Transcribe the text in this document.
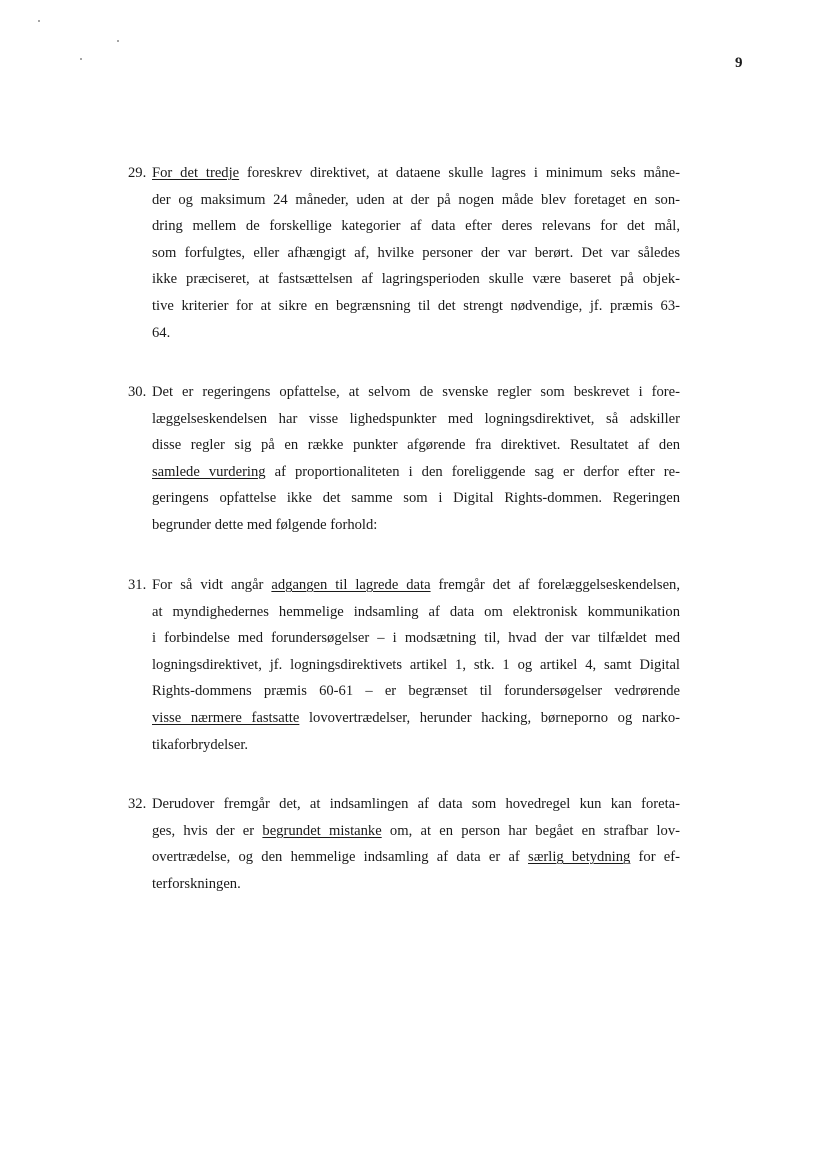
9
29. For det tredje foreskrev direktivet, at dataene skulle lagres i minimum seks måne-
der og maksimum 24 måneder, uden at der på nogen måde blev foretaget en son-
dring mellem de forskellige kategorier af data efter deres relevans for det mål,
som forfulgtes, eller afhængigt af, hvilke personer der var berørt. Det var således
ikke præciseret, at fastsættelsen af lagringsperioden skulle være baseret på objek-
tive kriterier for at sikre en begrænsning til det strengt nødvendige, jf. præmis 63-
64.
30. Det er regeringens opfattelse, at selvom de svenske regler som beskrevet i fore-
læggelseskendelsen har visse lighedspunkter med logningsdirektivet, så adskiller
disse regler sig på en række punkter afgørende fra direktivet. Resultatet af den
samlede vurdering af proportionaliteten i den foreliggende sag er derfor efter re-
geringens opfattelse ikke det samme som i Digital Rights-dommen. Regeringen
begrunder dette med følgende forhold:
31. For så vidt angår adgangen til lagrede data fremgår det af forelæggelseskendelsen,
at myndighedernes hemmelige indsamling af data om elektronisk kommunikation
i forbindelse med forundersøgelser – i modsætning til, hvad der var tilfældet med
logningsdirektivet, jf. logningsdirektivets artikel 1, stk. 1 og artikel 4, samt Digital
Rights-dommens præmis 60-61 – er begrænset til forundersøgelser vedrørende
visse nærmere fastsatte lovovertrædelser, herunder hacking, børneporno og narko-
tikaforbrydelser.
32. Derudover fremgår det, at indsamlingen af data som hovedregel kun kan foreta-
ges, hvis der er begrundet mistanke om, at en person har begået en strafbar lov-
overtrædelse, og den hemmelige indsamling af data er af særlig betydning for ef-
terforskningen.
